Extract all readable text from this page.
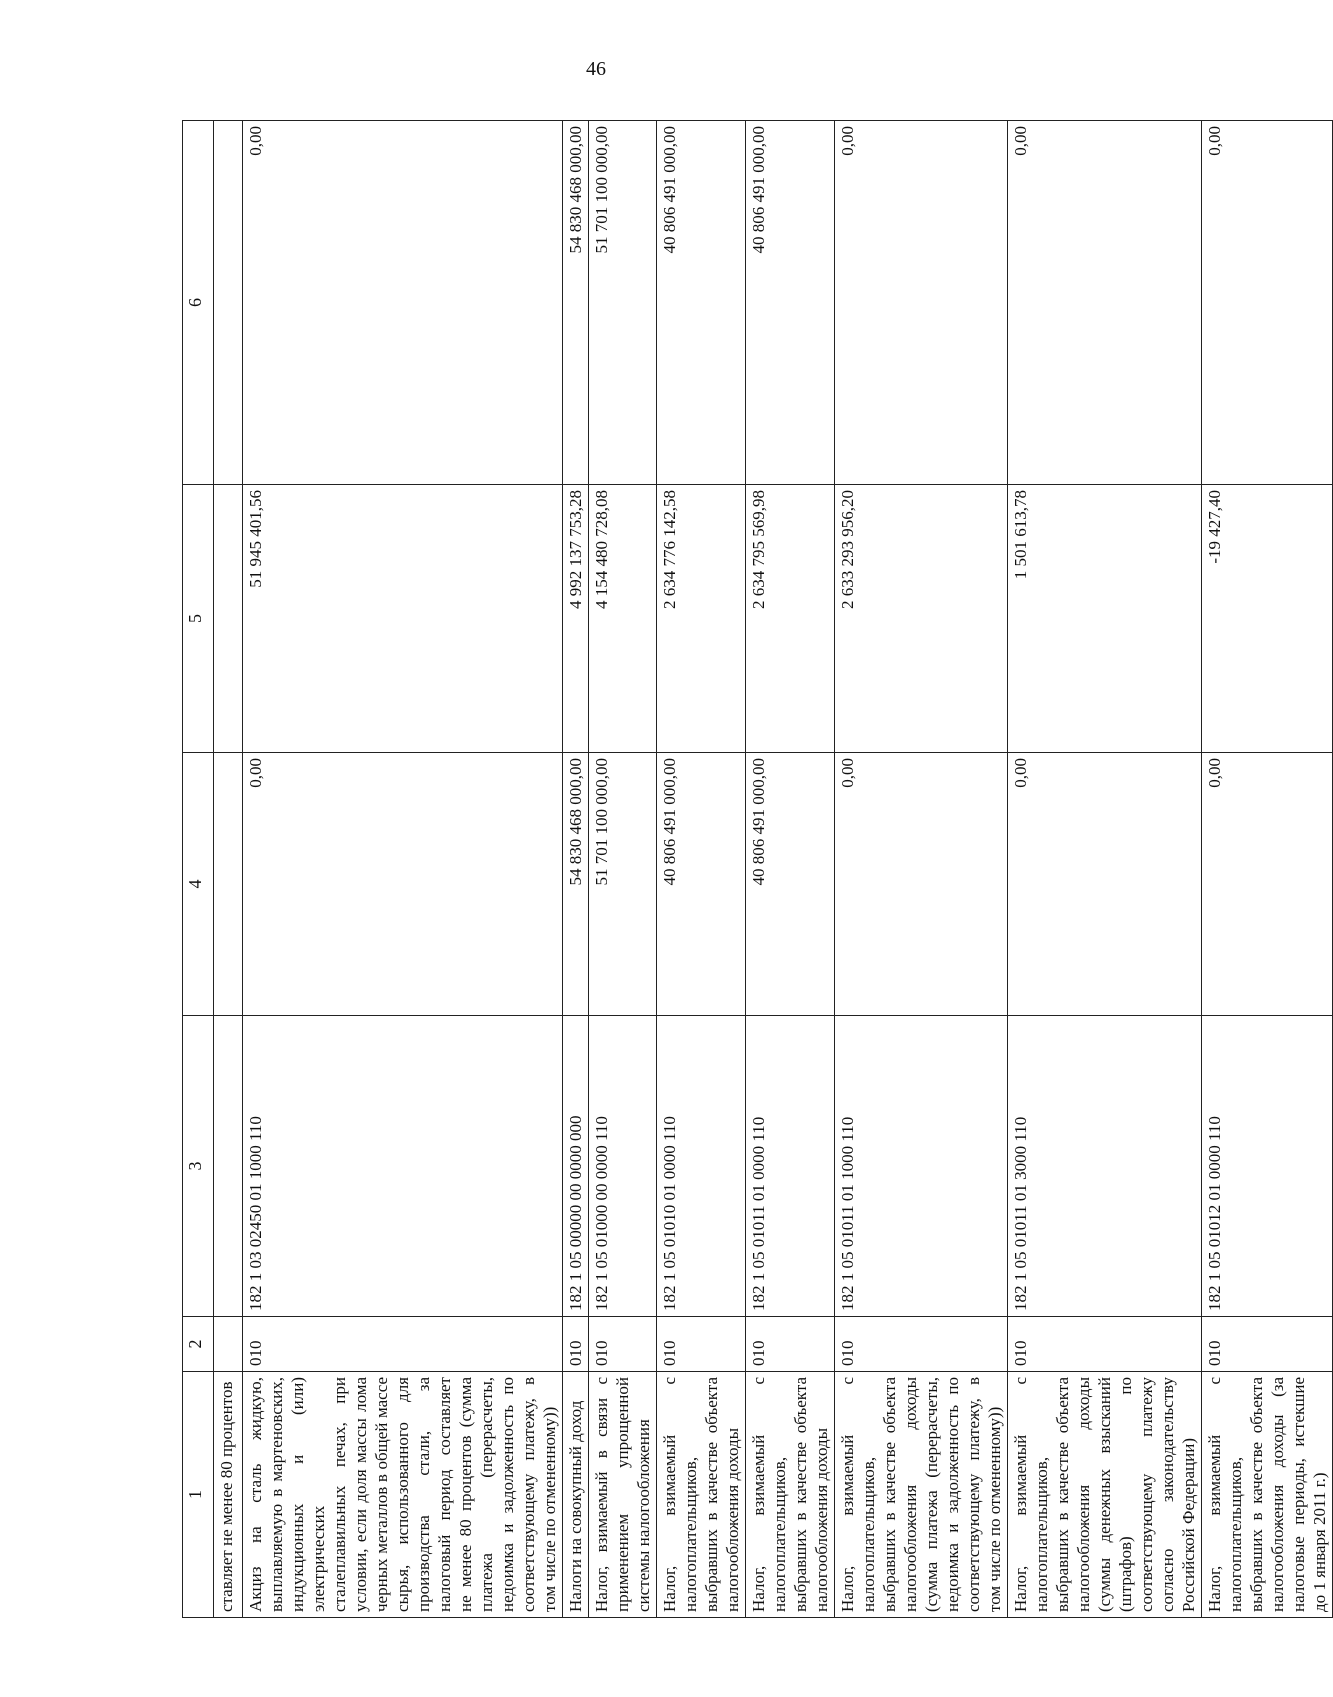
46
1	2	3	4	5	6
ставляет не менее 80 процентов					
Акциз на сталь жидкую, выплавляемую в мартеновских, индукционных и (или) электрических сталеплавильных печах, при условии, если доля массы лома черных металлов в общей массе сырья, использованного для производства стали, за налоговый период составляет не менее 80 процентов (сумма платежа (перерасчеты, недоимка и задолженность по соответствующему платежу, в том числе по отмененному))	010	182 1 03 02450 01 1000 110	0,00	51 945 401,56	0,00
Налоги на совокупный доход	010	182 1 05 00000 00 0000 000	54 830 468 000,00	4 992 137 753,28	54 830 468 000,00
Налог, взимаемый в связи с применением упрощенной системы налогообложения	010	182 1 05 01000 00 0000 110	51 701 100 000,00	4 154 480 728,08	51 701 100 000,00
Налог, взимаемый с налогоплательщиков, выбравших в качестве объекта налогообложения доходы	010	182 1 05 01010 01 0000 110	40 806 491 000,00	2 634 776 142,58	40 806 491 000,00
Налог, взимаемый с налогоплательщиков, выбравших в качестве объекта налогообложения доходы	010	182 1 05 01011 01 0000 110	40 806 491 000,00	2 634 795 569,98	40 806 491 000,00
Налог, взимаемый с налогоплательщиков, выбравших в качестве объекта налогообложения доходы (сумма платежа (перерасчеты, недоимка и задолженность по соответствующему платежу, в том числе по отмененному))	010	182 1 05 01011 01 1000 110	0,00	2 633 293 956,20	0,00
Налог, взимаемый с налогоплательщиков, выбравших в качестве объекта налогообложения доходы (суммы денежных взысканий (штрафов) по соответствующему платежу согласно законодательству Российской Федерации)	010	182 1 05 01011 01 3000 110	0,00	1 501 613,78	0,00
Налог, взимаемый с налогоплательщиков, выбравших в качестве объекта налогообложения доходы (за налоговые периоды, истекшие до 1 января 2011 г.)	010	182 1 05 01012 01 0000 110	0,00	-19 427,40	0,00
